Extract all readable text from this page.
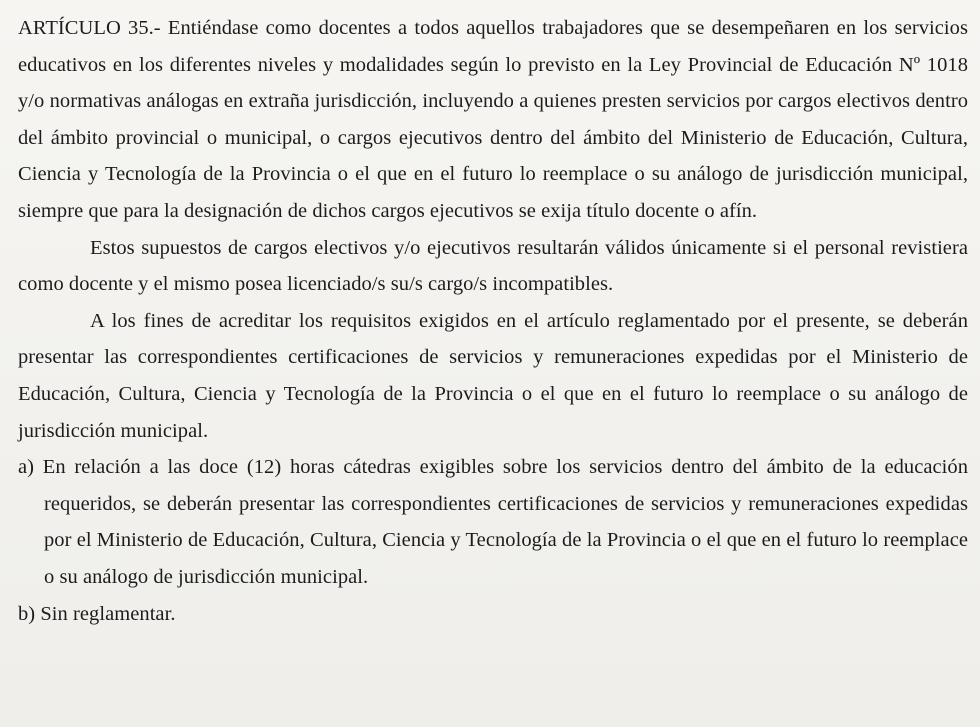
ARTÍCULO 35.- Entiéndase como docentes a todos aquellos trabajadores que se desempeñaren en los servicios educativos en los diferentes niveles y modalidades según lo previsto en la Ley Provincial de Educación Nº 1018 y/o normativas análogas en extraña jurisdicción, incluyendo a quienes presten servicios por cargos electivos dentro del ámbito provincial o municipal, o cargos ejecutivos dentro del ámbito del Ministerio de Educación, Cultura, Ciencia y Tecnología de la Provincia o el que en el futuro lo reemplace o su análogo de jurisdicción municipal, siempre que para la designación de dichos cargos ejecutivos se exija título docente o afín.

Estos supuestos de cargos electivos y/o ejecutivos resultarán válidos únicamente si el personal revistiera como docente y el mismo posea licenciado/s su/s cargo/s incompatibles.

A los fines de acreditar los requisitos exigidos en el artículo reglamentado por el presente, se deberán presentar las correspondientes certificaciones de servicios y remuneraciones expedidas por el Ministerio de Educación, Cultura, Ciencia y Tecnología de la Provincia o el que en el futuro lo reemplace o su análogo de jurisdicción municipal.

a) En relación a las doce (12) horas cátedras exigibles sobre los servicios dentro del ámbito de la educación requeridos, se deberán presentar las correspondientes certificaciones de servicios y remuneraciones expedidas por el Ministerio de Educación, Cultura, Ciencia y Tecnología de la Provincia o el que en el futuro lo reemplace o su análogo de jurisdicción municipal.

b) Sin reglamentar.
